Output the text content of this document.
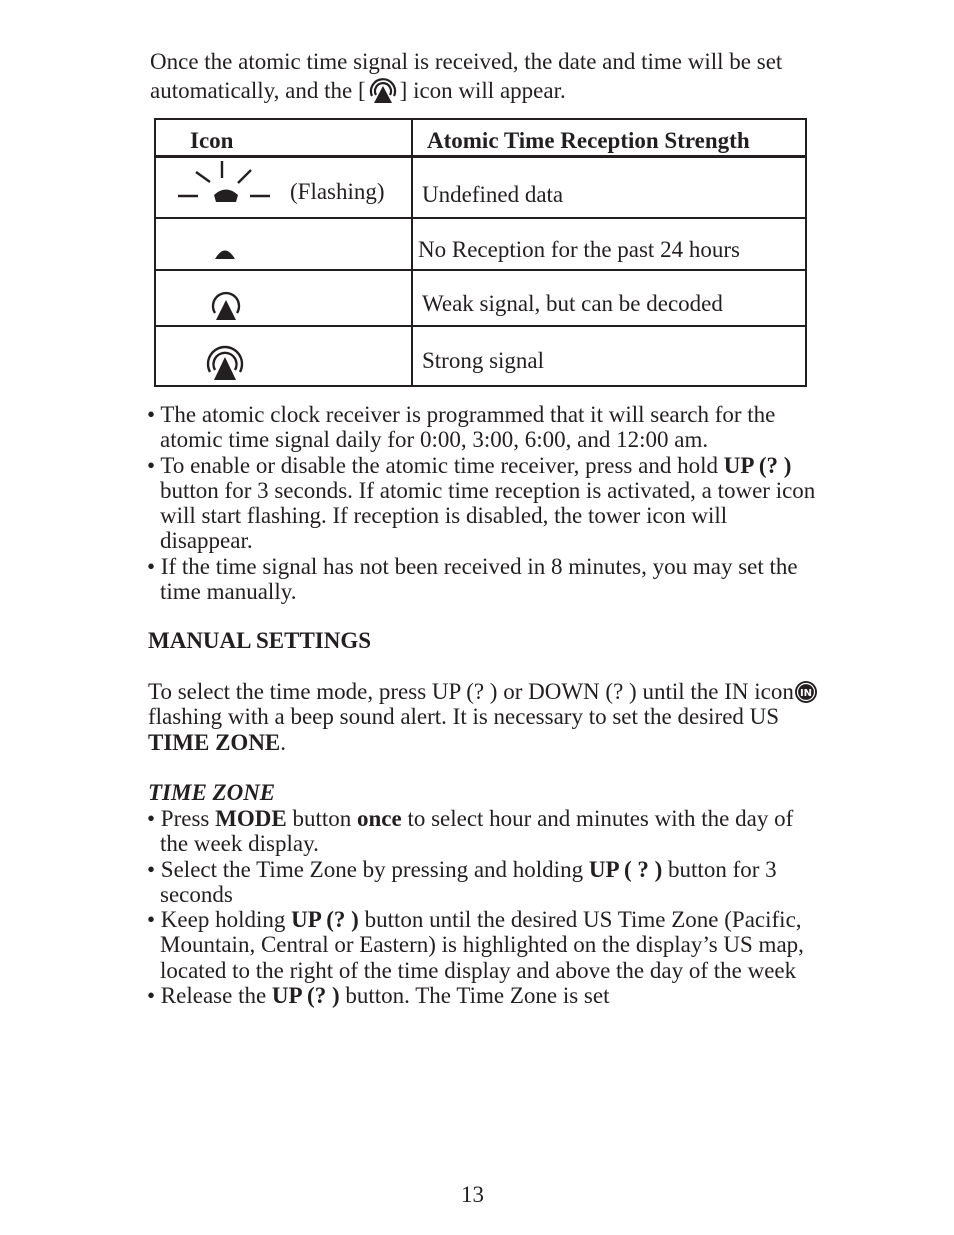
Once the atomic time signal is received, the date and time will be set automatically, and the [ ] icon will appear.
Icon	Atomic Time Reception Strength
(Flashing) Undefined data
No Reception for the past 24 hours
Weak signal, but can be decoded
Strong signal
• The atomic clock receiver is programmed that it will search for the atomic time signal daily for 0:00, 3:00, 6:00, and 12:00 am.
• To enable or disable the atomic time receiver, press and hold UP (? ) button for 3 seconds. If atomic time reception is activated, a tower icon will start flashing. If reception is disabled, the tower icon will disappear.
• If the time signal has not been received in 8 minutes, you may set the time manually.
MANUAL SETTINGS
To select the time mode, press UP (? ) or DOWN (? ) until the IN icon IN
flashing with a beep sound alert. It is necessary to set the desired US TIME ZONE.
TIME ZONE
• Press MODE button once to select hour and minutes with the day of the week display.
• Select the Time Zone by pressing and holding UP ( ? ) button for 3 seconds
• Keep holding UP (? ) button until the desired US Time Zone (Pacific, Mountain, Central or Eastern) is highlighted on the display’s US map, located to the right of the time display and above the day of the week
• Release the UP (? ) button. The Time Zone is set
13
